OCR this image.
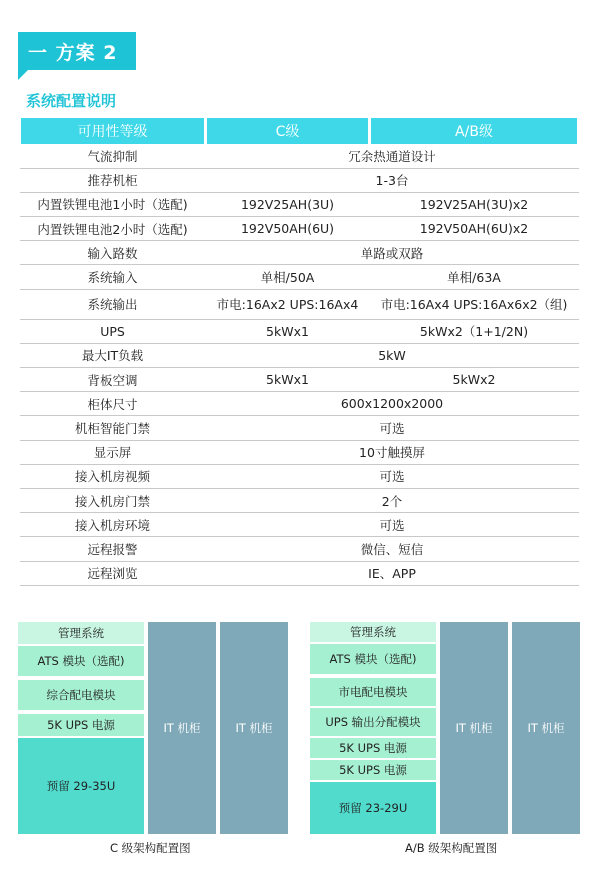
一 方案 2
系统配置说明
可用性等级	C级	A/B级
气流抑制	冗余热通道设计	
推荐机柜	1-3台	
内置铁锂电池1小时（选配)	192V25AH(3U)	192V25AH(3U)x2
内置铁锂电池2小时（选配)	192V50AH(6U)	192V50AH(6U)x2
输入路数	单路或双路	
系统输入	单相/50A	单相/63A
系统输出	市电:16Ax2 UPS:16Ax4	市电:16Ax4 UPS:16Ax6x2（组)
UPS	5kWx1	5kWx2（1+1/2N)
最大IT负载	5kW	
背板空调	5kWx1	5kWx2
柜体尺寸	600x1200x2000	
机柜智能门禁	可选	
显示屏	10寸触摸屏	
接入机房视频	可选	
接入机房门禁	2个	
接入机房环境	可选	
远程报警	微信、短信	
远程浏览	IE、APP	
管理系统
ATS 模块（选配)
综合配电模块
5K UPS 电源
预留 29-35U
IT 机柜	IT 机柜
C 级架构配置图
管理系统
ATS 模块（选配)
市电配电模块
UPS 输出分配模块
5K UPS 电源
5K UPS 电源
预留 23-29U
IT 机柜	IT 机柜
A/B 级架构配置图
